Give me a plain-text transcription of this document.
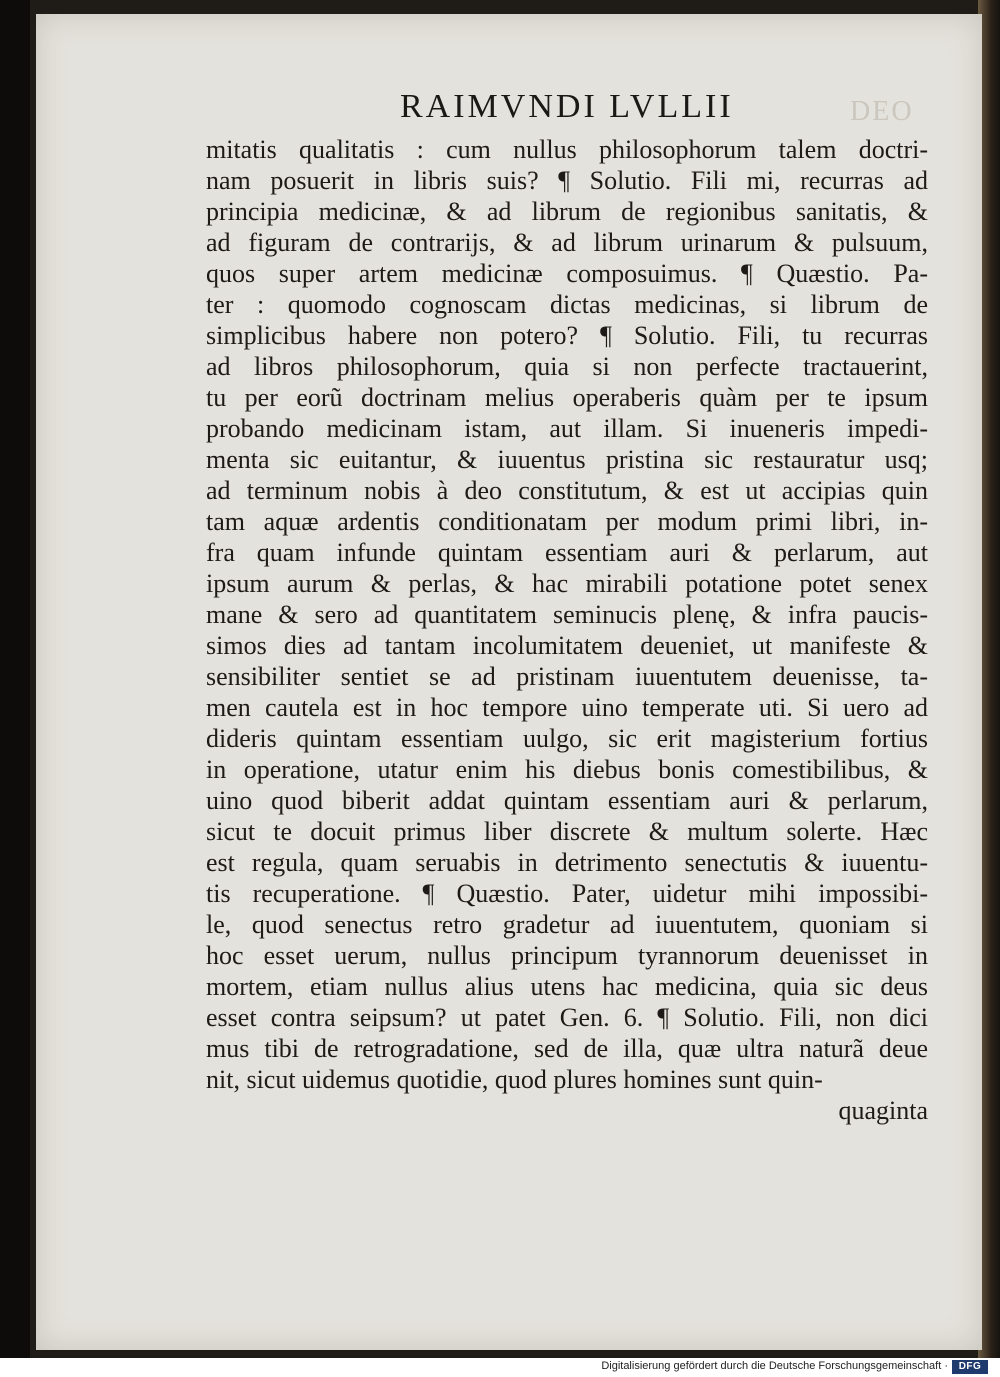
DEO
RAIMVNDI LVLLII
mitatis qualitatis : cum nullus philosophorum talem doctri-
nam posuerit in libris suis? ¶ Solutio. Fili mi, recurras ad
principia medicinæ, & ad librum de regionibus sanitatis, &
ad figuram de contrarijs, & ad librum urinarum & pulsuum,
quos super artem medicinæ composuimus. ¶ Quæstio. Pa-
ter : quomodo cognoscam dictas medicinas, si librum de
simplicibus habere non potero? ¶ Solutio. Fili, tu recurras
ad libros philosophorum, quia si non perfecte tractauerint,
tu per eorũ doctrinam melius operaberis quàm per te ipsum
probando medicinam istam, aut illam. Si inueneris impedi-
menta sic euitantur, & iuuentus pristina sic restauratur usq;
ad terminum nobis à deo constitutum, & est ut accipias quin
tam aquæ ardentis conditionatam per modum primi libri, in-
fra quam infunde quintam essentiam auri & perlarum, aut
ipsum aurum & perlas, & hac mirabili potatione potet senex
mane & sero ad quantitatem seminucis plenę, & infra paucis-
simos dies ad tantam incolumitatem deueniet, ut manifeste &
sensibiliter sentiet se ad pristinam iuuentutem deuenisse, ta-
men cautela est in hoc tempore uino temperate uti. Si uero ad
dideris quintam essentiam uulgo, sic erit magisterium fortius
in operatione, utatur enim his diebus bonis comestibilibus, &
uino quod biberit addat quintam essentiam auri & perlarum,
sicut te docuit primus liber discrete & multum solerte. Hæc
est regula, quam seruabis in detrimento senectutis & iuuentu-
tis recuperatione. ¶ Quæstio. Pater, uidetur mihi impossibi-
le, quod senectus retro gradetur ad iuuentutem, quoniam si
hoc esset uerum, nullus principum tyrannorum deuenisset in
mortem, etiam nullus alius utens hac medicina, quia sic deus
esset contra seipsum? ut patet Gen. 6. ¶ Solutio. Fili, non dici
mus tibi de retrogradatione, sed de illa, quæ ultra naturã deue
nit, sicut uidemus quotidie, quod plures homines sunt quin-
quaginta
Digitalisierung gefördert durch die Deutsche Forschungsgemeinschaft ·	DFG
